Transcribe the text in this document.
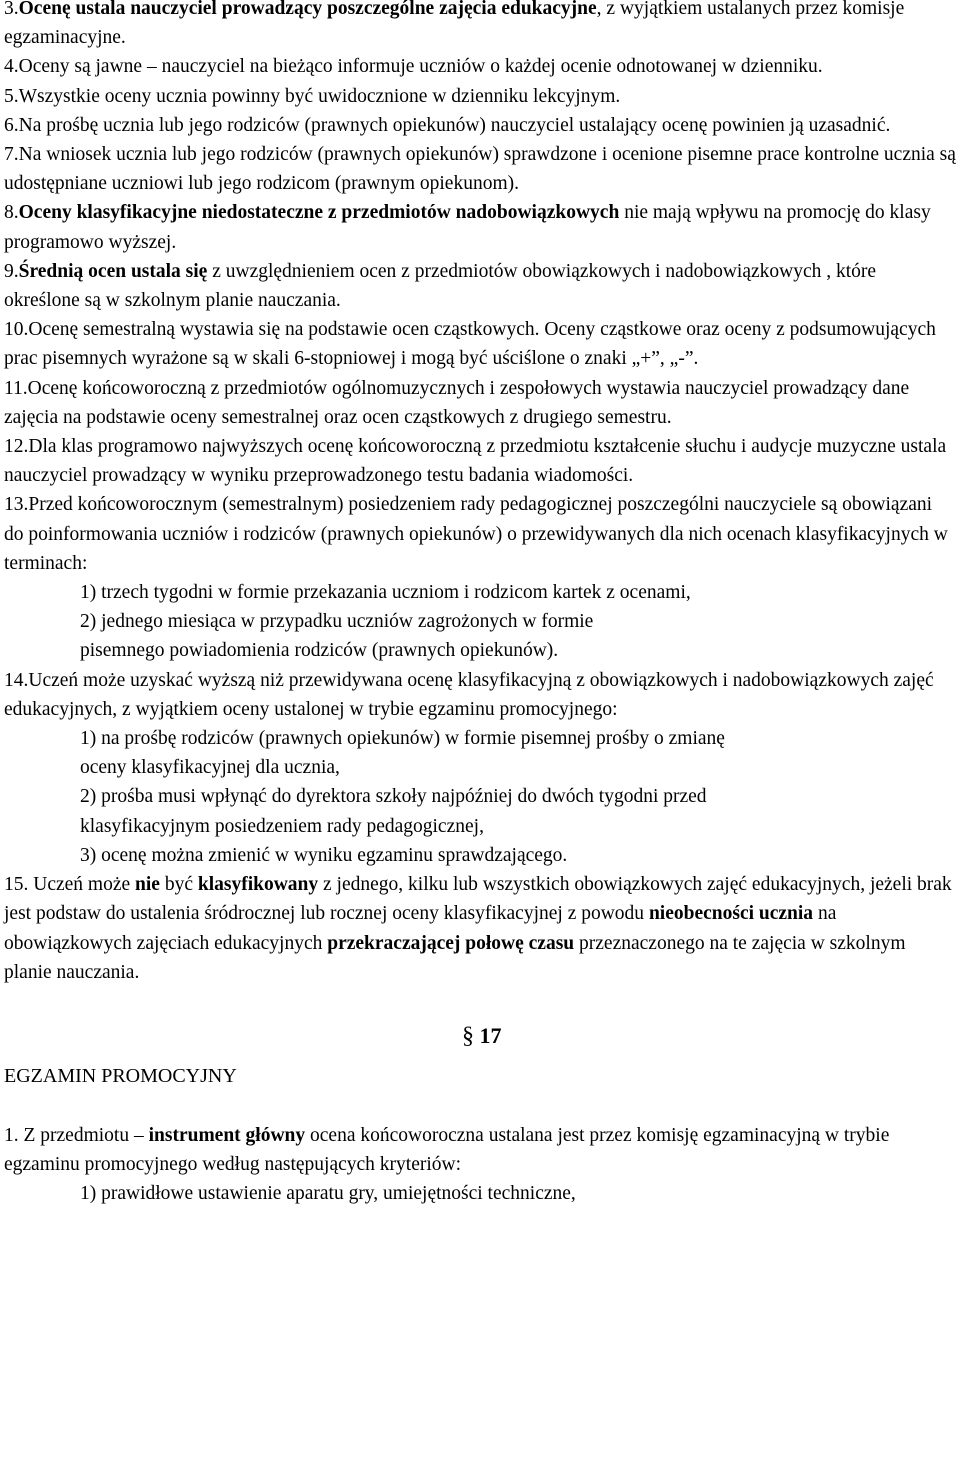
3.Ocenę ustala nauczyciel prowadzący poszczególne zajęcia edukacyjne, z wyjątkiem ustalanych przez komisje egzaminacyjne.

4.Oceny są jawne – nauczyciel na bieżąco informuje uczniów o każdej ocenie odnotowanej w dzienniku.

5.Wszystkie oceny ucznia powinny być uwidocznione w dzienniku lekcyjnym.

6.Na prośbę ucznia lub jego rodziców (prawnych opiekunów) nauczyciel ustalający ocenę powinien ją uzasadnić.

7.Na wniosek ucznia lub jego rodziców (prawnych opiekunów) sprawdzone i ocenione pisemne prace kontrolne ucznia są udostępniane uczniowi lub jego rodzicom (prawnym opiekunom).

8.Oceny klasyfikacyjne niedostateczne z przedmiotów nadobowiązkowych nie mają wpływu na promocję do klasy programowo wyższej.

9.Średnią ocen ustala się z uwzględnieniem ocen z przedmiotów obowiązkowych i nadobowiązkowych , które określone są w szkolnym planie nauczania.

10.Ocenę semestralną wystawia się na podstawie ocen cząstkowych. Oceny cząstkowe oraz oceny z podsumowujących prac pisemnych wyrażone są w skali 6-stopniowej i mogą być uściślone o znaki „+”, „-”.

11.Ocenę końcoworoczną z przedmiotów ogólnomuzycznych i zespołowych wystawia nauczyciel prowadzący dane zajęcia na podstawie oceny semestralnej oraz ocen cząstkowych z drugiego semestru.

12.Dla klas programowo najwyższych ocenę końcoworoczną z przedmiotu kształcenie słuchu i audycje muzyczne ustala nauczyciel prowadzący w wyniku przeprowadzonego testu badania wiadomości.

13.Przed końcoworocznym (semestralnym) posiedzeniem rady pedagogicznej poszczególni nauczyciele są obowiązani do poinformowania uczniów i rodziców (prawnych opiekunów) o przewidywanych dla nich ocenach klasyfikacyjnych w terminach:

1) trzech tygodni w formie przekazania uczniom i rodzicom kartek z ocenami,

2) jednego miesiąca w przypadku uczniów zagrożonych w formie

pisemnego powiadomienia rodziców (prawnych opiekunów).

14.Uczeń może uzyskać wyższą niż przewidywana ocenę klasyfikacyjną z obowiązkowych i nadobowiązkowych zajęć edukacyjnych, z wyjątkiem oceny ustalonej w trybie egzaminu promocyjnego:

1) na prośbę rodziców (prawnych opiekunów) w formie pisemnej prośby o zmianę

oceny klasyfikacyjnej dla ucznia,

2) prośba musi wpłynąć do dyrektora szkoły najpóźniej do dwóch tygodni przed

klasyfikacyjnym posiedzeniem rady pedagogicznej,

3) ocenę można zmienić w wyniku egzaminu sprawdzającego.

15. Uczeń może nie być klasyfikowany z jednego, kilku lub wszystkich obowiązkowych zajęć edukacyjnych, jeżeli brak jest podstaw do ustalenia śródrocznej lub rocznej oceny klasyfikacyjnej z powodu nieobecności ucznia na obowiązkowych zajęciach edukacyjnych przekraczającej połowę czasu przeznaczonego na te zajęcia w szkolnym planie nauczania.

§ 17
EGZAMIN PROMOCYJNY

1. Z przedmiotu – instrument główny ocena końcoworoczna ustalana jest przez komisję egzaminacyjną w trybie egzaminu promocyjnego według następujących kryteriów:

1) prawidłowe ustawienie aparatu gry, umiejętności techniczne,
